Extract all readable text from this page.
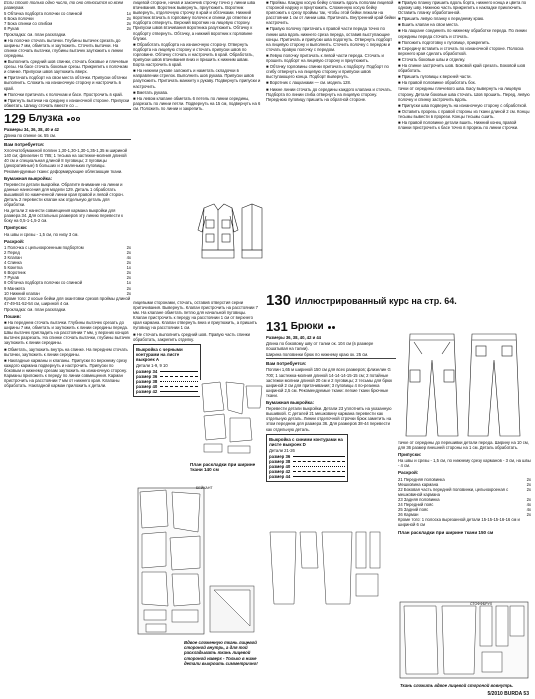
Если стоит только одно число, то оно относится ко всем размерам.

5 Обтачка подборта полочки со спинкой	1x
6 Бока полочки	2x
7 Бока спинки со спибом	2x
8 Рукав	2x

Прокладка: см. план раскладки.

■ На полочке сточать вытачки. Глубины вытачек срезать до ширины 7 мм, обметать и заутюжить. Сточить вытачки. На спинке сточать вытачки, глубины вытачек заутюжить к линии середины.

■ Выполнить средний шов спинки, сточать боковые и плечевые срезы. На басе сточать боковые срезы. Прикрепить к полочкам и спинке. Припуски швов заутюжить вверх.

■ Притачать подборт на свои места обтачки. Припуски обтачки выполнить. Сложить на изнаночную сторону и настрочить в край.

■ Полочки притачать к полочкам и басе. Прострочить в край.

■ Пригнуть вытачки на средину к изнаночной стороне. Припуски обметать. Шлицу сточать вместе со ...

129 Блузка

Размеры 34, 36, 38, 40 и 42

Длина по спинке ок. 55 см.

Вам потребуется:

Хлопчатобумажной поплин 1,30-1,30-1,30-1,35-1,35 м шириной 140 см; флизелин G 785; 1 тесьма на застежке-молния длиной 40 см и специальная длиной 8 пуговицы; 2 пуговицы (декоративные) 5 больших и 2 маленьких пуговицы. Рекомендуемые ткани: деформирующие облегающие ткани.

Бумажная выкройка:

Перевести детали выкройки. Обратите внимание на линии и данные нанесения для модели 129. Деталь 1 обработать вышивкой по намеченной линии края правой и левой сторон. Деталь 2 перевести клапан как отдельную деталь для обработки.

На детали 2 нанести совмещения кармана выкройки для размера 34. Для остальных размеров эту линию перевести к боку на 0,5-1-1,5-2 см.

Припуски:

На швы и срезы - 1,5 см, по низу 3 см.

Раскрой:

1 Полочка с цельнокроенным подбортом	2x
2 Перед	2x
3 Клапан	4x
4 Спинка	2x
5 Кокетка	1x
6 Воротник	2x
7 Рукав	2x
8 Обтачка подборта полочки со спинкой	1x
9 Манжета	2x
10 Нижний клапан	2x

Кроме того: 2 косые бейки для окантовки срезов проймы длиной 47-49-51-52-54 см, шириной 4 см.

Прокладка: см. план раскладки.

Пошив:

■ На переднем сточать вытачки. Глубины вытачек срезать до ширины 7 мм, обметать и заутюжить к линии середины переда. Швы вытачек пригладить на расстоянии 7 мм, у верхних концов вытачек разрезать. На спинке сточать вытачки, глубины вытачек заутюжить к линии середины.

■ Обметать, заутюжить внутрь на спинке. На переднем сточать вытачки, заутюжить к линии середины.

■ Накладные карманы и клапаны. Припуски по верхнему срезу каждого кармана подвернуть и настрочить. Припуски по боковым и нижнему срезам заутюжить на изнаночную сторону. Карманы приложить к переду по линии совмещения. Карман пристрочить на расстоянии 7 мм от нижнего края. Клапаны обработать. Накладной карман приложить к детали.

лицевой стороне, начав и закончив строчку точно у линии шва втачивания. Воротник вывернуть, приутюжить. Воротник вывернуть, отделочную строчку в край и обтачками. Нижний воротник втачать в горловину полочек и спинки до отметки и подборта отвернуть. Верхний воротник на лицевую сторону. Припуски швов втачивания воротника разутюжить. Обтачку к подборту отвернуть. Обтачку, а нижний воротник к горловине блузки.

■ Обработать подборта на изнаночную сторону. Отвернуть подборта на лицевую сторону и сточать припуски швов по горловине. Обтачку сточать и настрочить в край. Обработать, припуски швов втачивания вниз и пришить к нижним швам. Борта настрочить в край.

■ На нижнем рукаве заложить и наметать складочки в направлении стрелок. Выполнить шов рукава. Припуски швов разутюжить. Притачать манжету к рукаву. Подвернуть припуски и настрочить.

■ Вметать рукава.

■ На левом клапане обметать 6 петель по линии середины, разрезать по линии петли. Подвернуть на 15 см, подвернуть на 6 см. Положить по линии и закрепить.

лицевыми сторонами, сточать, оставив отверстия серии притачивания. Вывернуть. Клапан пристрочить на расстоянии 7 мм. На клапане обметать петлю для начальной пуговицы. Клапан пристрочить к переду на расстоянии 1 см от верхнего края кармана. Клапан отвернуть вниз и приутюжить, а пришить пуговицу на расстоянии 1 см.

■ Не сточать выполнить средний шов. Правую часть спинки обработать, закрепить отделку.

Выкройка с черными контурами на листе выкроек A
Детали 1-9, 9 10
размер 34
размер 36
размер 38
размер 40
размер 42
План раскладки при ширине ткани 140 см
БЕЙКАНТ
Вдвое сложенную ткань лицевой стороной внутрь, а для той раскладывать ткань лицевой стороной наверх - Только в ниже детали выкроить симметрично!

■ Проймы. Каждую косую бейку сложить вдоль пополам лицевой стороной наружу и приутюжить. Сложенную косую бейку приложить к срезу проймы так, чтобы этой бейки лежали на расстоянии 1 см от линии шва. Притачать. Внутренний край бейки настрочить.

■ Правую полочку притачать к правой части переда точно по линии шва вдоль нижнего среза переда, оставив выступающие концы. Притачать и припуски шва подогнуть. Отвернуть подборт на лицевую сторону и выполнить. Сточить полочку с передом и сточать правую полочку с передом.

■ Левую полочку притачать к левой части переда. Сточать и прошить подборт на лицевую сторону и приутюжить.

■ Обтачку горловины спинки притачать к подборту. Подборт по сгибу отвернуть на лицевую сторону и припуски швов выступающего конца. Подборт вывернуть.

■ Воротник с лацканами — см. модель 128.

■ Нижне линии сточать до середины каждого клапана и сточать. Подборта по линии сгиба отвернуть на лицевую сторону. Переднюю пуговицу пришить на обратной стороне.

■ Правую планку пришить вдоль борта, нижнего конца и цвета по одному шву. Нижнюю часть прикрепить к накладке приключить. Оставить планку обработанной.

■ Пришить левую планку к переднему краю.

■ Вшить клапан на свои места.

■ На лацкане соединить по нижнему обработке переда. По линии середины переда сточать и сточать.

■ Положить подготовку к пуговице, прикрепить.

■ Середину вставить и сточать по изнаночной стороне. Полоска верхнего края сделать обработкой.

■ Сточать боковые швы и отделку.

■ На спинке застрочить шов. Боковой край срезать. Боковой шов обработать.

■ Пришить пуговицы к верхней части.

■ На правой половинке обработать бок.

тачки от середины плечевого шва. Басу вывернуть на лицевую сторону. Детали боковые шва сточать. Шов прошить. Перед, левую полочку и спинку застрочить вдоль.

■ Припуски шва подвернуть на изнаночную сторону с обработкой.

■ Оставить прорезь с правой стороны из ткани длиной 2 см. Концы тесьмы вывести в прорези. Концы тесьмы сшить.

■ На правой половинке детали вшить. Нижний конец правой планки пристрочить к басе точно в прорезь по линии строчки.

130 Иллюстрированный курс на стр. 64.
131 Брюки

Размеры 36, 38, 40, 42 и 44

Длина по боковому шву от талии ок. 104 см (в размере пошатывая на талии).

Ширина половинки брюк по нижнему краю ок. 25 см.

Вам потребуется:

Поплин 1,65 м шириной 150 см для всех размеров; флизелин G 700; 1 застежка-молния длиной 14-14-14-15-15 см; 2 потайные застежки молнии длиной 20 см и 2 пуговицы; 2 тесьмы для брюк шириной 2 см для притачивания; 3 пуговицы 4 по-резинка шириной 2,5 см. Рекомендуемые ткани: легкие ткани брючные ткани.

Бумажная выкройка:

Перевести детали выкройки. Детали 23 уплотнить на указанную вышивкой. С деталей 21 мешковину кармана перевести как отдельную деталь. Линии отделочной строчки брюк заметить на этом переднем для размера 36. Для размеров 38-44 перевести как отдельную деталь.

Выкройка с синими контурами на листе выкроек D
Детали 21-26
размер 36
размер 38
размер 40
размер 42
размер 44

тачке от середины до перешивки детали переда. Ширину на 10 см, для 36 размер внешней стороны на 1 см. Деталь обработать.

Припуски:

На швы и срезы - 1,5 см, по нижнему срезу карманов - 3 см, на швы - 4 см.

Раскрой:

21 Передняя половинка	2x
Мешковина кармана	2x
22 Боковая часть передней половинки, цельнокроеная с мешковиной кармана
2x
23 Задняя половинка	2x
24 Передний пояс	4x
25 Задний пояс	4x
26 Карман	2x

Кроме того: 1 полоска вырезанной детали 15-15-15-16-16 см и шириной 6 см

План раскладки при ширине ткани 150 см
СТОФФБРУХ
Ткань сложить вдвое лицевой стороной вовнутрь.
5/2010 BURDA 53
